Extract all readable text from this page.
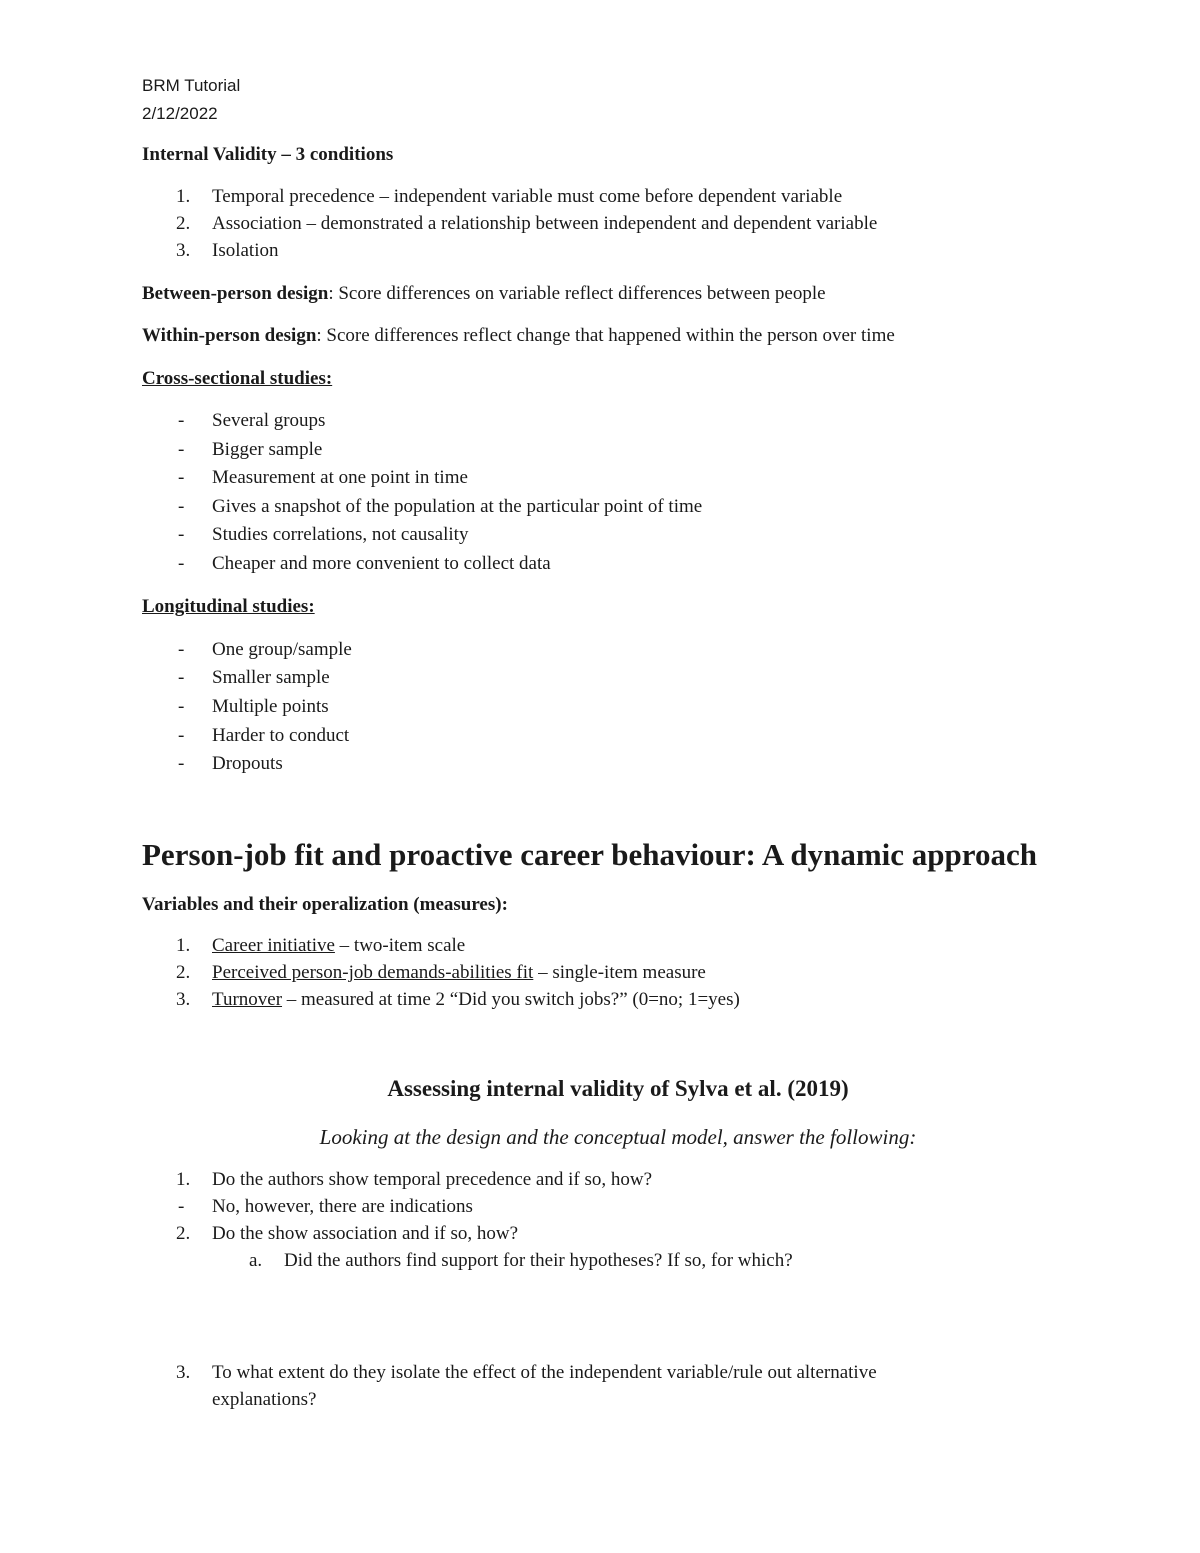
BRM Tutorial
2/12/2022
Internal Validity – 3 conditions
1. Temporal precedence – independent variable must come before dependent variable
2. Association – demonstrated a relationship between independent and dependent variable
3. Isolation
Between-person design: Score differences on variable reflect differences between people
Within-person design: Score differences reflect change that happened within the person over time
Cross-sectional studies:
- Several groups
- Bigger sample
- Measurement at one point in time
- Gives a snapshot of the population at the particular point of time
- Studies correlations, not causality
- Cheaper and more convenient to collect data
Longitudinal studies:
- One group/sample
- Smaller sample
- Multiple points
- Harder to conduct
- Dropouts
Person-job fit and proactive career behaviour: A dynamic approach
Variables and their operalization (measures):
1. Career initiative – two-item scale
2. Perceived person-job demands-abilities fit – single-item measure
3. Turnover – measured at time 2 “Did you switch jobs?” (0=no; 1=yes)
Assessing internal validity of Sylva et al. (2019)
Looking at the design and the conceptual model, answer the following:
1. Do the authors show temporal precedence and if so, how?
- No, however, there are indications
2. Do the show association and if so, how?
a. Did the authors find support for their hypotheses? If so, for which?
3. To what extent do they isolate the effect of the independent variable/rule out alternative
explanations?
